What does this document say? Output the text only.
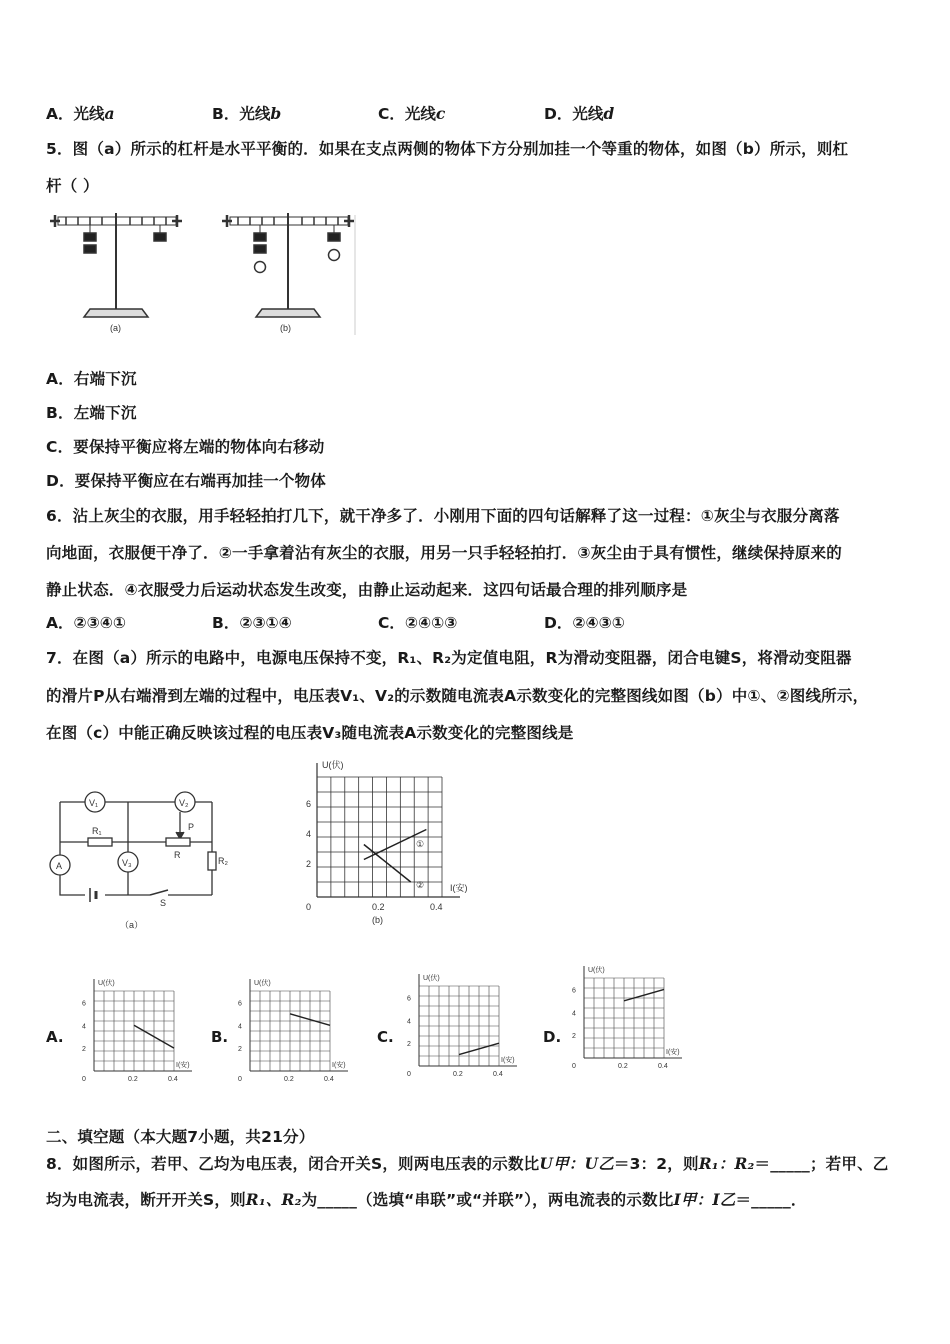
A．光线a	B．光线b	C．光线c	D．光线d
5．图（a）所示的杠杆是水平平衡的．如果在支点两侧的物体下方分别加挂一个等重的物体，如图（b）所示，则杠
杆（ ）
(a)	(b)
A．右端下沉
B．左端下沉
C．要保持平衡应将左端的物体向右移动
D．要保持平衡应在右端再加挂一个物体
6．沾上灰尘的衣服，用手轻轻拍打几下，就干净多了．小刚用下面的四句话解释了这一过程：①灰尘与衣服分离落
向地面，衣服便干净了．②一手拿着沾有灰尘的衣服，用另一只手轻轻拍打．③灰尘由于具有惯性，继续保持原来的
静止状态．④衣服受力后运动状态发生改变，由静止运动起来．这四句话最合理的排列顺序是
A．②③④①	B．②③①④	C．②④①③	D．②④③①
7．在图（a）所示的电路中，电源电压保持不变，R₁、R₂为定值电阻，R为滑动变阻器，闭合电键S，将滑动变阻器
的滑片P从右端滑到左端的过程中，电压表V₁、V₂的示数随电流表A示数变化的完整图线如图（b）中①、②图线所示，
在图（c）中能正确反映该过程的电压表V₃随电流表A示数变化的完整图线是
V₁	V₂
A	V₃
R₁
R
R₂
P
S
（a）
U(伏)
I(安)
2
4
6
0	0.2	0.4
①
②
(b)
A.
U(伏)
I(安)
2
4
6
0	0.2	0.4
B.
U(伏)
I(安)
2
4
6
0	0.2	0.4
C.
U(伏)
I(安)
2
4
6
0	0.2	0.4
D.
U(伏)
I(安)
2
4
6
0	0.2	0.4
二、填空题（本大题7小题，共21分）
8．如图所示，若甲、乙均为电压表，闭合开关S，则两电压表的示数比U甲：U乙＝3：2，则R₁：R₂＝_____；若甲、乙
均为电流表，断开开关S，则R₁、R₂为_____（选填“串联”或“并联”），两电流表的示数比I甲：I乙＝_____．
